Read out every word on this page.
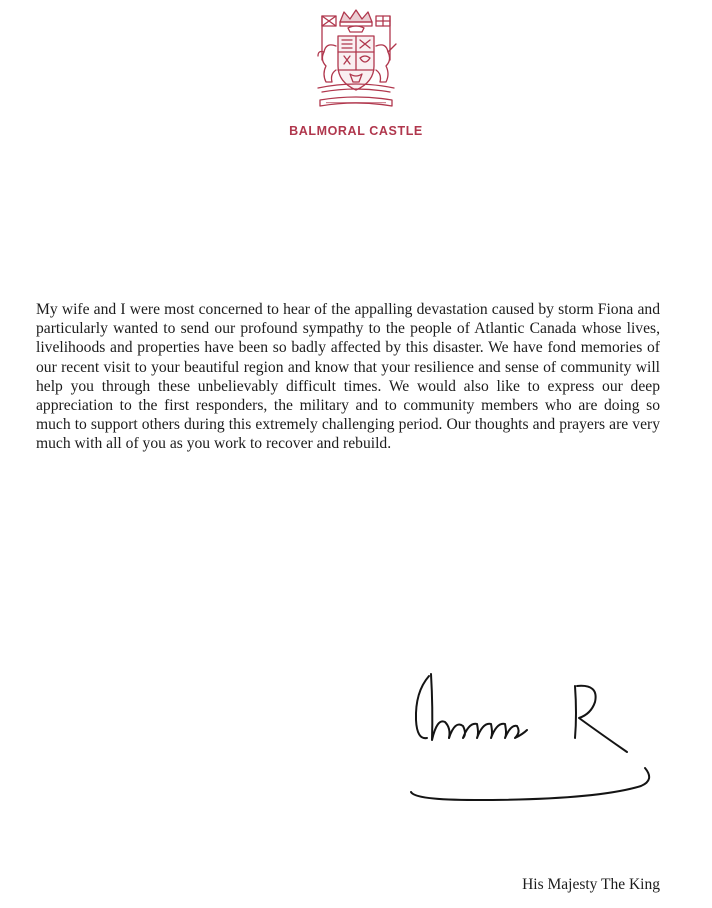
BALMORAL CASTLE

My wife and I were most concerned to hear of the appalling devastation caused by storm Fiona and particularly wanted to send our profound sympathy to the people of Atlantic Canada whose lives, livelihoods and properties have been so badly affected by this disaster. We have fond memories of our recent visit to your beautiful region and know that your resilience and sense of community will help you through these unbelievably difficult times. We would also like to express our deep appreciation to the first responders, the military and to community members who are doing so much to support others during this extremely challenging period. Our thoughts and prayers are very much with all of you as you work to recover and rebuild.

His Majesty The King
